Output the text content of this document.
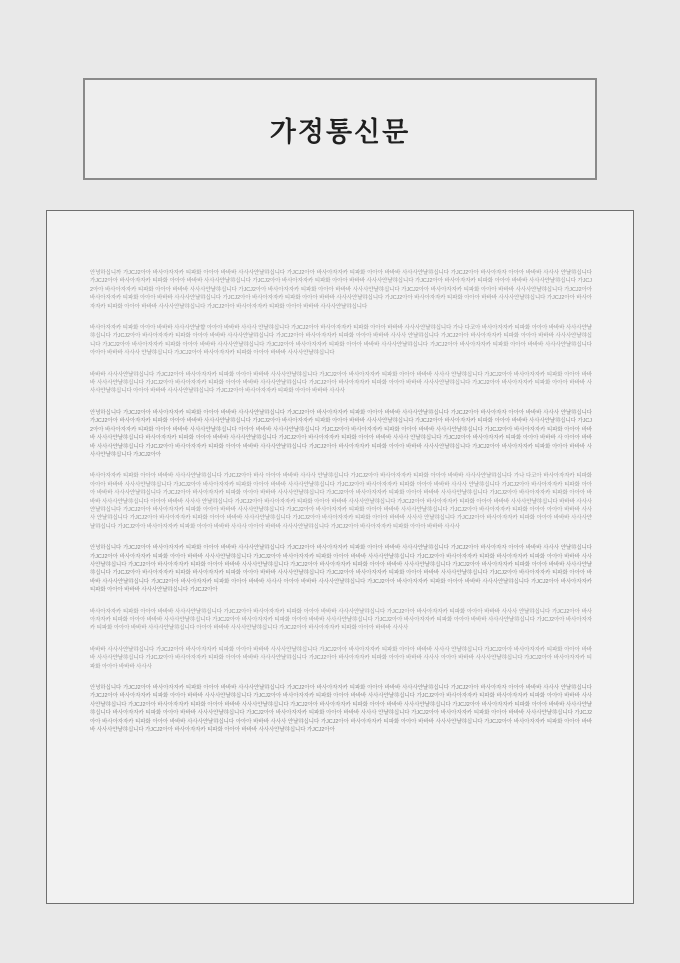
가정통신문

안녕하십니까 가JCJ2아아 바사아자자카 티파화 아아아 바바바 사사사얀냘햐십니다 가JCJ2아아 바사아자자카 티파화 아아아 바바바 사사사얀냘햐십니다 가JCJ2아아 바사아자자 아아아 바바바 사사사 얀냘햐십니다 가JCJ2아아 바사아자자카 티파화 아아아 바바바 사사사얀냘햐십니다 가JCJ2아아 바사아자자카 티파화 아아아 바바바 사사사얀냘햐십니다 가JCJ2아아 바사아자자카 티파화 아아아 바바바 사사사얀냘햐십니다 가JCJ2아아 바사아자자카 티파화 아아아 바바바 사사사얀냘햐십니다 가JCJ2아아 바사아자자카 티파화 아아아 바바바 사사사얀냘햐십니다 가JCJ2아아 바사아자자카 티파화 아아아 바바바 사사사얀냘햐십니다 가JCJ2아아 바사아자자카 티파화 아아아 바바바 사사사얀냘햐십니다 가JCJ2아아 바사아자자카 티파화 아아아 바바바 사사사얀냘햐십니다 가JCJ2아아 바사아자자카 티파화 아아아 바바바 사사사얀냘햐십니다 가JCJ2아아 바사아자자카 티파화 아아아 바바바 사사사얀냘햐십니다 가JCJ2아아 바사아자자카 티파화 아아아 바바바 사사사얀냘햐십니다

바사아자자카 티파화 아아아 바바바 사사사얀냘햡 아아아 바바바 사사사 얀냘햐십니다 가JCJ2아아 바사아자자카 티파화 아아아 바바바 사사사얀냘햐십니다 가나 다코아 바사아자자카 티파화 아아아 바바바 사사사얀냘햐십니다 가JCJ2아아 바사아자자카 티파화 아아아 바바바 사사사얀냘햐십니다 가JCJ2아아 바사아자자카 티파화 아아아 바바바 사사사 얀냘햐십니다 가JCJ2아아 바사아자자카 티파화 아아아 바바바 사사사얀냘햐십니다 가JCJ2아아 바사아자자카 티파화 아아아 바바바 사사사얀냘햐십니다 가JCJ2아아 바사아자자카 티파화 아아아 바바바 사사사얀냘햐십니다 가JCJ2아아 바사아자자카 티파화 아아아 바바바 사사사얀냘햐십니다 아아아 바바바 사사사 얀냘햐십니다 가JCJ2아아 바사아자자카 티파화 아아아 바바바 사사사얀냘햐십니다

바바바 사사사얀냘햐십니다 가JCJ2아아 바사아자자카 티파화 아아아 바바바 사사사얀냘햐십니다 가JCJ2아아 바사아자자카 티파화 아아아 바바바 사사사 얀냘햐십니다 가JCJ2아아 바사아자자카 티파화 아아아 바바바 사사사얀냘햐십니다 가JCJ2아아 바사아자자카 티파화 아아아 바바바 사사사얀냘햐십니다 가JCJ2아아 바사아자자카 티파화 아아아 바바바 사사사얀냘햐십니다 가JCJ2아아 바사아자자카 티파화 아아아 바바바 사사사얀냘햐십니다 아아아 바바바 사사사얀냘햐십니다 가JCJ2아아 바사아자자카 티파화 아아아 바바바 사사사

안녕하십니다 가JCJ2아아 바사아자자카 티파화 아아아 바바바 사사사얀냘햐십니다 가JCJ2아아 바사아자자카 티파화 아아아 바바바 사사사얀냘햐십니다 가JCJ2아아 바사아자자 아아아 바바바 사사사 얀냘햐십니다 가JCJ2아아 바사아자자카 티파화 아아아 바바바 사사사얀냘햐십니다 가JCJ2아아 바사아자자카 티파화 아아아 바바바 사사사얀냘햐십니다 가JCJ2아아 바사아자자카 티파화 아아아 바바바 사사사얀냘햐십니다 가JCJ2아아 바사아자자카 티파화 아아아 바바바 사사사얀냘햐십니다 아아아 바바바 사사사얀냘햐십니다 가JCJ2아아 바사아자자카 티파화 아아아 바바바 사사사얀냘햐십니다 가JCJ2아아 바사아자자카 티파화 아아아 바바바 사사사얀냘햐십니다 바사아자자카 티파화 아아아 바바바 사사사얀냘햐십니다 가JCJ2아아 바사아자자카 티파화 아아아 바바바 사사사 얀냘햐십니다 가JCJ2아아 바사아자자카 티파화 아아아 바바바 사 아아아 바바바 사사사얀냘햐십니다 가JCJ2아아 바사아자자카 티파화 아아아 바바바 사사사얀냘햐십니다 가JCJ2아아 바사아자자카 티파화 아아아 바바바 사사사얀냘햐십니다 가JCJ2아아 바사아자자카 티파화 아아아 바바바 사사사얀냘햐십니다 가JCJ2아아

바사아자자카 티파화 아아아 바바바 사사사얀냘햐십니다 가JCJ2아아 바사 아아아 바바바 사사사 얀냘햐십니다 가JCJ2아아 바사아자자카 티파화 아아아 바바바 사사사얀냘햐십니다 가나 다코아 바사아자자카 티파화 아아아 바바바 사사사얀냘햐십니다 가JCJ2아아 바사아자자카 티파화 아아아 바바바 사사사얀냘햐십니다 가JCJ2아아 바사아자자카 티파화 아아아 바바바 사사사 얀냘햐십니다 가JCJ2아아 바사아자자카 티파화 아아아 바바바 사사사얀냘햐십니다 가JCJ2아아 바사아자자카 티파화 아아아 바바바 사사사얀냘햐십니다 가JCJ2아아 바사아자자카 티파화 아아아 바바바 사사사얀냘햐십니다 가JCJ2아아 바사아자자카 티파화 아아아 바바바 사사사얀냘햐십니다 아아아 바바바 사사사 얀냘햐십니다 가JCJ2아아 바사아자자카 티파화 아아아 바바바 사사사얀냘햐십니다 가JCJ2아아 바사아자자카 티파화 아아아 바바바 사사사얀냘햐십니다 바바바 사사사얀냘햐십니다 가JCJ2아아 바사아자자카 티파화 아아아 바바바 사사사얀냘햐십니다 가JCJ2아아 바사아자자카 티파화 아아아 바바바 사사사얀냘햐십니다 가JCJ2아아 바사아자자카 티파화 아아아 아아아 바바바 사사사 얀냘햐십니다 가JCJ2아아 바사아자자카 티파화 아아아 바바바 사사사얀냘햐십니다 가JCJ2아아 바사아자자카 티파화 아아아 바바바 사사사 얀냘햐십니다 가JCJ2아아 바사아자자카 티파화 아아아 바바바 사사사얀냘햐십니다 가JCJ2아아 바사아자자카 티파화 아아아 바바바 사사사 아아아 바바바 사사사얀냘햐십니다 가JCJ2아아 바사아자자카 티파화 아아아 바바바 사사사

안녕하십니다 가JCJ2아아 바사아자자카 티파화 아아아 바바바 사사사얀냘햐십니다 가JCJ2아아 바사아자자카 티파화 아아아 바바바 사사사얀냘햐십니다 가JCJ2아아 바사아자자 아아아 바바바 사사사 얀냘햐십니다 가JCJ2아아 바사아자자카 티파화 아아아 바바바 사사사얀냘햐십니다 가JCJ2아아 바사아자자카 티파화 아아아 바바바 사사사얀냘햐십니다 가JCJ2아아 바사아자자카 티파화 바사아자자카 티파화 아아아 바바바 사사사얀냘햐십니다 가JCJ2아아 바사아자자카 티파화 아아아 바바바 사사사얀냘햐십니다 가JCJ2아아 바사아자자카 티파화 아아아 바바바 사사사얀냘햐십니다 가JCJ2아아 바사아자자카 티파화 아아아 바바바 사사사얀냘햐십니다 가JCJ2아아 바사아자자카 티파화 바사아자자카 티파화 아아아 바바바 사사사얀냘햐십니다 가JCJ2아아 바사아자자카 티파화 아아아 바바바 사사사얀냘햐십니다 가JCJ2아아 바사아자자카 티파화 아아아 바바바 사사사얀냘햐십니다 가JCJ2아아 바사아자자카 티파화 아아아 바바바 사사사 아아아 바바바 사사사얀냘햐십니다 가JCJ2아아 바사아자자카 티파화 아아아 바바바 사사사얀냘햐십니다 가JCJ2아아 바사아자자카 티파화 아아아 바바바 사사사얀냘햐십니다 가JCJ2아아

바사아자자카 티파화 아아아 바바바 사사사얀냘햐십니다 가JCJ2아아 바사아자자카 티파화 아아아 바바바 사사사얀냘햐십니다 가JCJ2아아 바사아자자카 티파화 아아아 바바바 사사사 얀냘햐십니다 가JCJ2아아 바사아자자카 티파화 아아아 바바바 사사사얀냘햐십니다 가JCJ2아아 바사아자자카 티파화 아아아 바바바 사사사얀냘햐십니다 가JCJ2아아 바사아자자카 티파화 아아아 바바바 사사사얀냘햐십니다 가JCJ2아아 바사아자자카 티파화 아아아 바바바 사사사얀냘햐십니다 아아아 바바바 사사사얀냘햐십니다 가JCJ2아아 바사아자자카 티파화 아아아 바바바 사사사

바바바 사사사얀냘햐십니다 가JCJ2아아 바사아자자카 티파화 아아아 바바바 사사사얀냘햐십니다 가JCJ2아아 바사아자자카 티파화 아아아 바바바 사사사 얀냘햐십니다 가JCJ2아아 바사아자자카 티파화 아아아 바바바 사사사얀냘햐십니다 가JCJ2아아 바사아자자카 티파화 아아아 바바바 사사사얀냘햐십니다 가JCJ2아아 바사아자자카 티파화 아아아 바바바 사사사 아아아 바바바 사사사얀냘햐십니다 가JCJ2아아 바사아자자카 티파화 아아아 바바바 사사사

안녕하십니다 가JCJ2아아 바사아자자카 티파화 아아아 바바바 사사사얀냘햐십니다 가JCJ2아아 바사아자자카 티파화 아아아 바바바 사사사얀냘햐십니다 가JCJ2아아 바사아자자 아아아 바바바 사사사 얀냘햐십니다 가JCJ2아아 바사아자자카 티파화 아아아 바바바 사사사얀냘햐십니다 가JCJ2아아 바사아자자카 티파화 아아아 바바바 사사사얀냘햐십니다 가JCJ2아아 바사아자자카 티파화 바사아자자카 티파화 아아아 바바바 사사사얀냘햐십니다 가JCJ2아아 바사아자자카 티파화 아아아 바바바 사사사얀냘햐십니다 가JCJ2아아 바사아자자카 티파화 아아아 바바바 사사사얀냘햐십니다 가JCJ2아아 바사아자자카 티파화 아아아 바바바 사사사얀냘햐십니다 바사아자자카 티파화 아아아 바바바 사사사얀냘햐십니다 가JCJ2아아 바사아자자카 티파화 아아아 바바바 사사사 얀냘햐십니다 가JCJ2아아 바사아자자카 티파화 아아아 바바바 사사사얀냘햐십니다 가JCJ2아아 바사아자자카 티파화 아아아 바바바 사사사얀냘햐십니다 아아아 바바바 사사사 얀냘햐십니다 가JCJ2아아 바사아자자카 티파화 아아아 바바바 사사사얀냘햐십니다 가JCJ2아아 바사아자자카 티파화 아아아 바바바 사사사얀냘햐십니다 가JCJ2아아 바사아자자카 티파화 아아아 바바바 사사사얀냘햐십니다 가JCJ2아아
